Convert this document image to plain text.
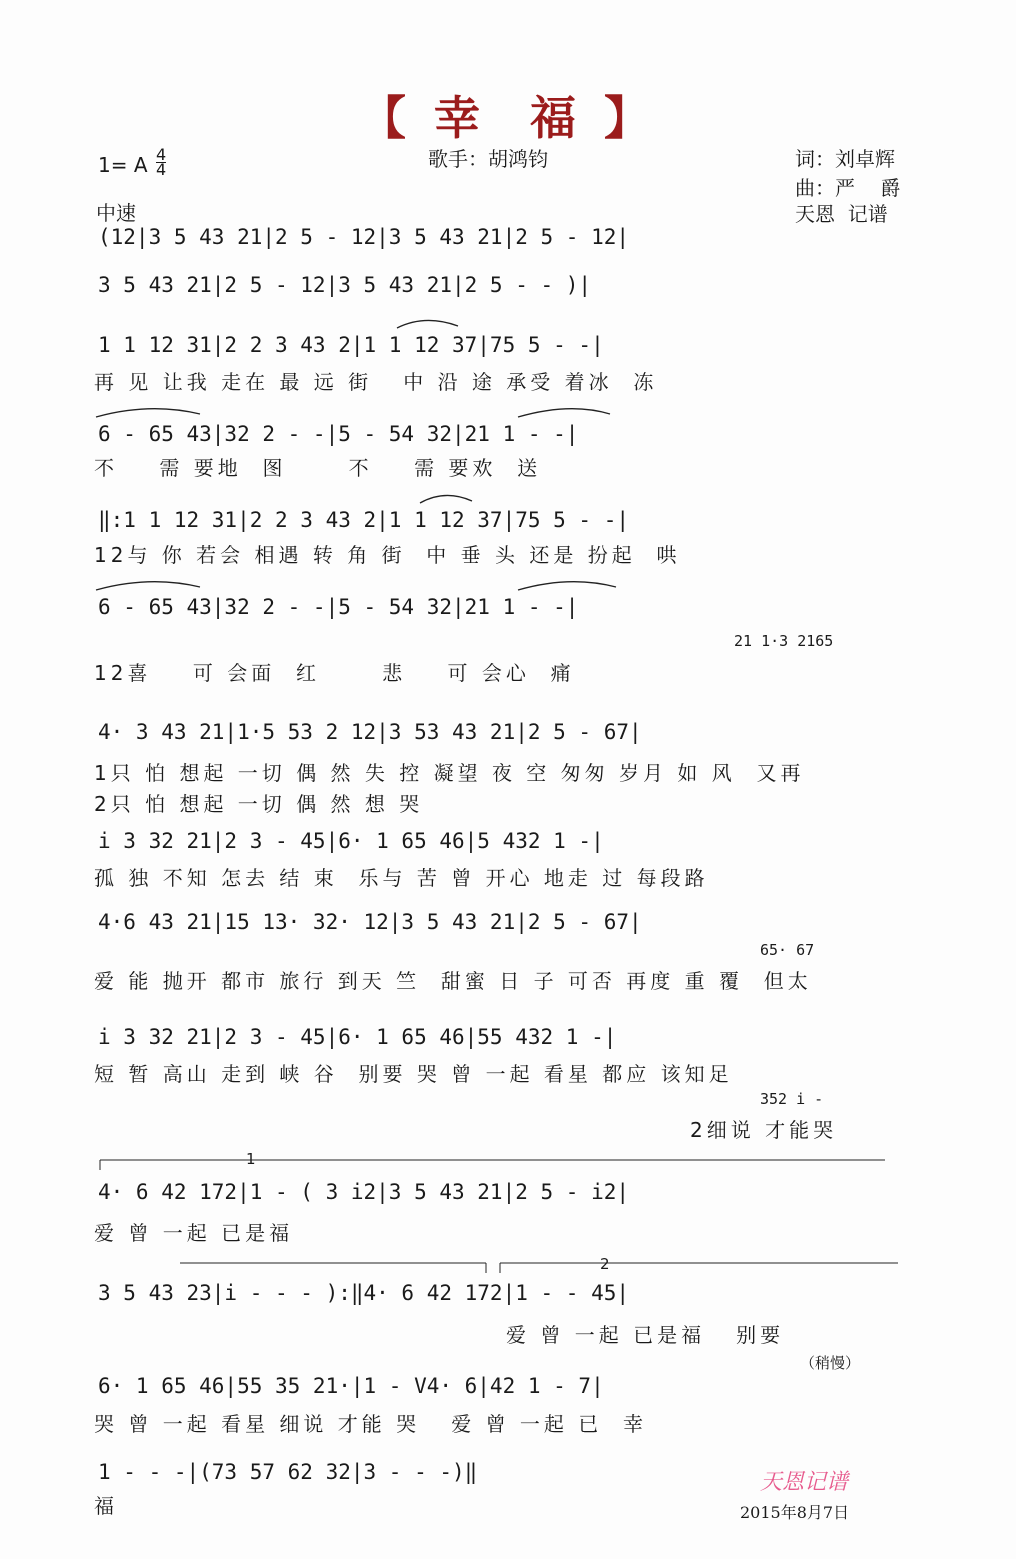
【 幸  福 】
歌手：胡鸿钧	词：刘卓辉
曲：严    爵
天恩  记谱
1= A $\frac{4}{4}$
中速
(12|3 5 43 21|2 5 - 12|3 5 43 21|2 5 - 12|
3 5 43 21|2 5 - 12|3 5 43 21|2 5 - - )|
1 1 12 31|2 2 3 43 2|1 1 12 37|75 5 - -|
再 见 让我 走在 最 远 街   中 沿 途 承受 着冰  冻
6 - 65 43|32 2 - -|5 - 54 32|21 1 - -|
不    需 要地  图      不    需 要欢  送
‖:1 1 12 31|2 2 3 43 2|1 1 12 37|75 5 - -|
12与 你 若会 相遇 转 角 街  中 垂 头 还是 扮起  哄
6 - 65 43|32 2 - -|5 - 54 32|21 1 - -|
21 1·3 2165
12喜    可 会面  红      悲    可 会心  痛
4· 3 43 21|1·5 53 2 12|3 53 43 21|2 5 - 67|
1只 怕 想起 一切 偶 然 失 控 凝望 夜 空 匆匆 岁月 如 风  又再
2只 怕 想起 一切 偶 然 想 哭
i 3 32 21|2 3 - 45|6· 1 65 46|5 432 1 -|
孤 独 不知 怎去 结 束  乐与 苦 曾 开心 地走 过 每段路
4·6 43 21|15 13· 32· 12|3 5 43 21|2 5 - 67|
65· 67
爱 能 抛开 都市 旅行 到天 竺  甜蜜 日 子 可否 再度 重 覆  但太
i 3 32 21|2 3 - 45|6· 1 65 46|55 432 1 -|
短 暂 高山 走到 峡 谷  别要 哭 曾 一起 看星 都应 该知足
352 i -
2细说 才能哭
1
4· 6 42 172|1 - ( 3 i2|3 5 43 21|2 5 - i2|
爱 曾 一起 已是福
2
3 5 43 23|i - - - ):‖4· 6 42 172|1 - - 45|
爱 曾 一起 已是福   别要
（稍慢）
6· 1 65 46|55 35 21·|1 - V4· 6|42 1 - 7|
哭 曾 一起 看星 细说 才能 哭   爱 曾 一起 已  幸
1 - - -|(73 57 62 32|3 - - -)‖
福
天恩记谱
2015年8月7日
